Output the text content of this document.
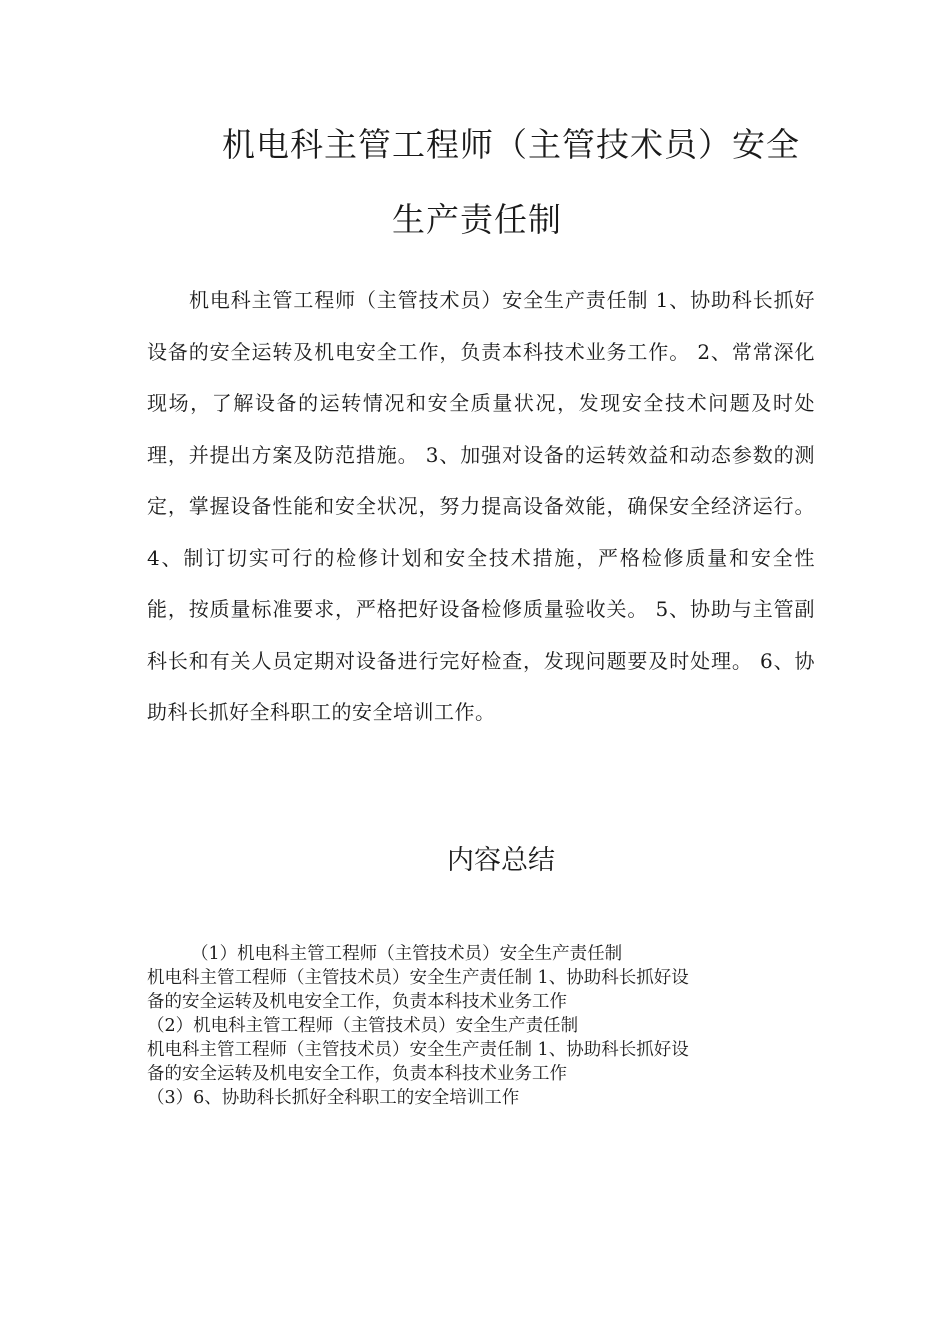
机电科主管工程师（主管技术员）安全
生产责任制

机电科主管工程师（主管技术员）安全生产责任制 1、协助科长抓好设备的安全运转及机电安全工作，负责本科技术业务工作。 2、常常深化现场，了解设备的运转情况和安全质量状况，发现安全技术问题及时处理，并提出方案及防范措施。 3、加强对设备的运转效益和动态参数的测定，掌握设备性能和安全状况，努力提高设备效能，确保安全经济运行。 4、制订切实可行的检修计划和安全技术措施，严格检修质量和安全性能，按质量标准要求，严格把好设备检修质量验收关。 5、协助与主管副科长和有关人员定期对设备进行完好检查，发现问题要及时处理。 6、协助科长抓好全科职工的安全培训工作。

内容总结
（1）机电科主管工程师（主管技术员）安全生产责任制
机电科主管工程师（主管技术员）安全生产责任制 1、协助科长抓好设
备的安全运转及机电安全工作，负责本科技术业务工作
（2）机电科主管工程师（主管技术员）安全生产责任制
机电科主管工程师（主管技术员）安全生产责任制 1、协助科长抓好设
备的安全运转及机电安全工作，负责本科技术业务工作
（3）6、协助科长抓好全科职工的安全培训工作
